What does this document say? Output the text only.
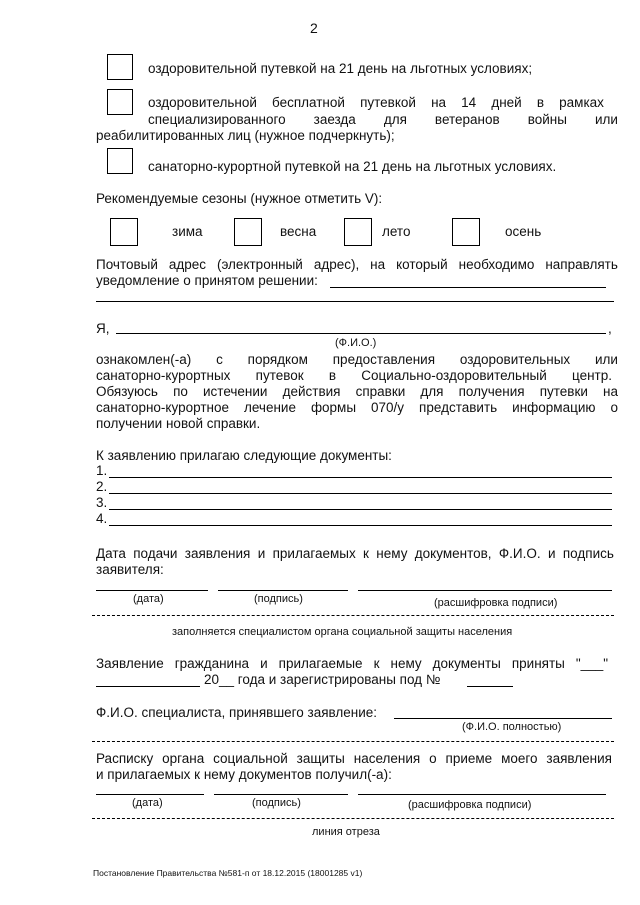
2
оздоровительной путевкой на 21 день на льготных условиях;
оздоровительной бесплатной путевкой на 14 дней в рамках
специализированного заезда для ветеранов войны или
реабилитированных лиц (нужное подчеркнуть);
санаторно-курортной путевкой на 21 день на льготных условиях.
Рекомендуемые сезоны (нужное отметить V):
зима	весна	лето	осень
Почтовый адрес (электронный адрес), на который необходимо направлять
уведомление о принятом решении:
Я,	,
(Ф.И.О.)
ознакомлен(-а) с порядком предоставления оздоровительных или
санаторно-курортных путевок в Социально-оздоровительный центр.
Обязуюсь по истечении действия справки для получения путевки на
санаторно-курортное лечение формы 070/у представить информацию о
получении новой справки.
К заявлению прилагаю следующие документы:
1.
2.
3.
4.
Дата подачи заявления и прилагаемых к нему документов, Ф.И.О. и подпись
заявителя:
(дата)	(подпись)	(расшифровка подписи)
заполняется специалистом органа социальной защиты населения
Заявление гражданина и прилагаемые к нему документы приняты "___"
20__ года и зарегистрированы под №
Ф.И.О. специалиста, принявшего заявление:
(Ф.И.О. полностью)
Расписку органа социальной защиты населения о приеме моего заявления
и прилагаемых к нему документов получил(-а):
(дата)	(подпись)	(расшифровка подписи)
линия отреза
Постановление Правительства №581-п от 18.12.2015 (18001285 v1)
